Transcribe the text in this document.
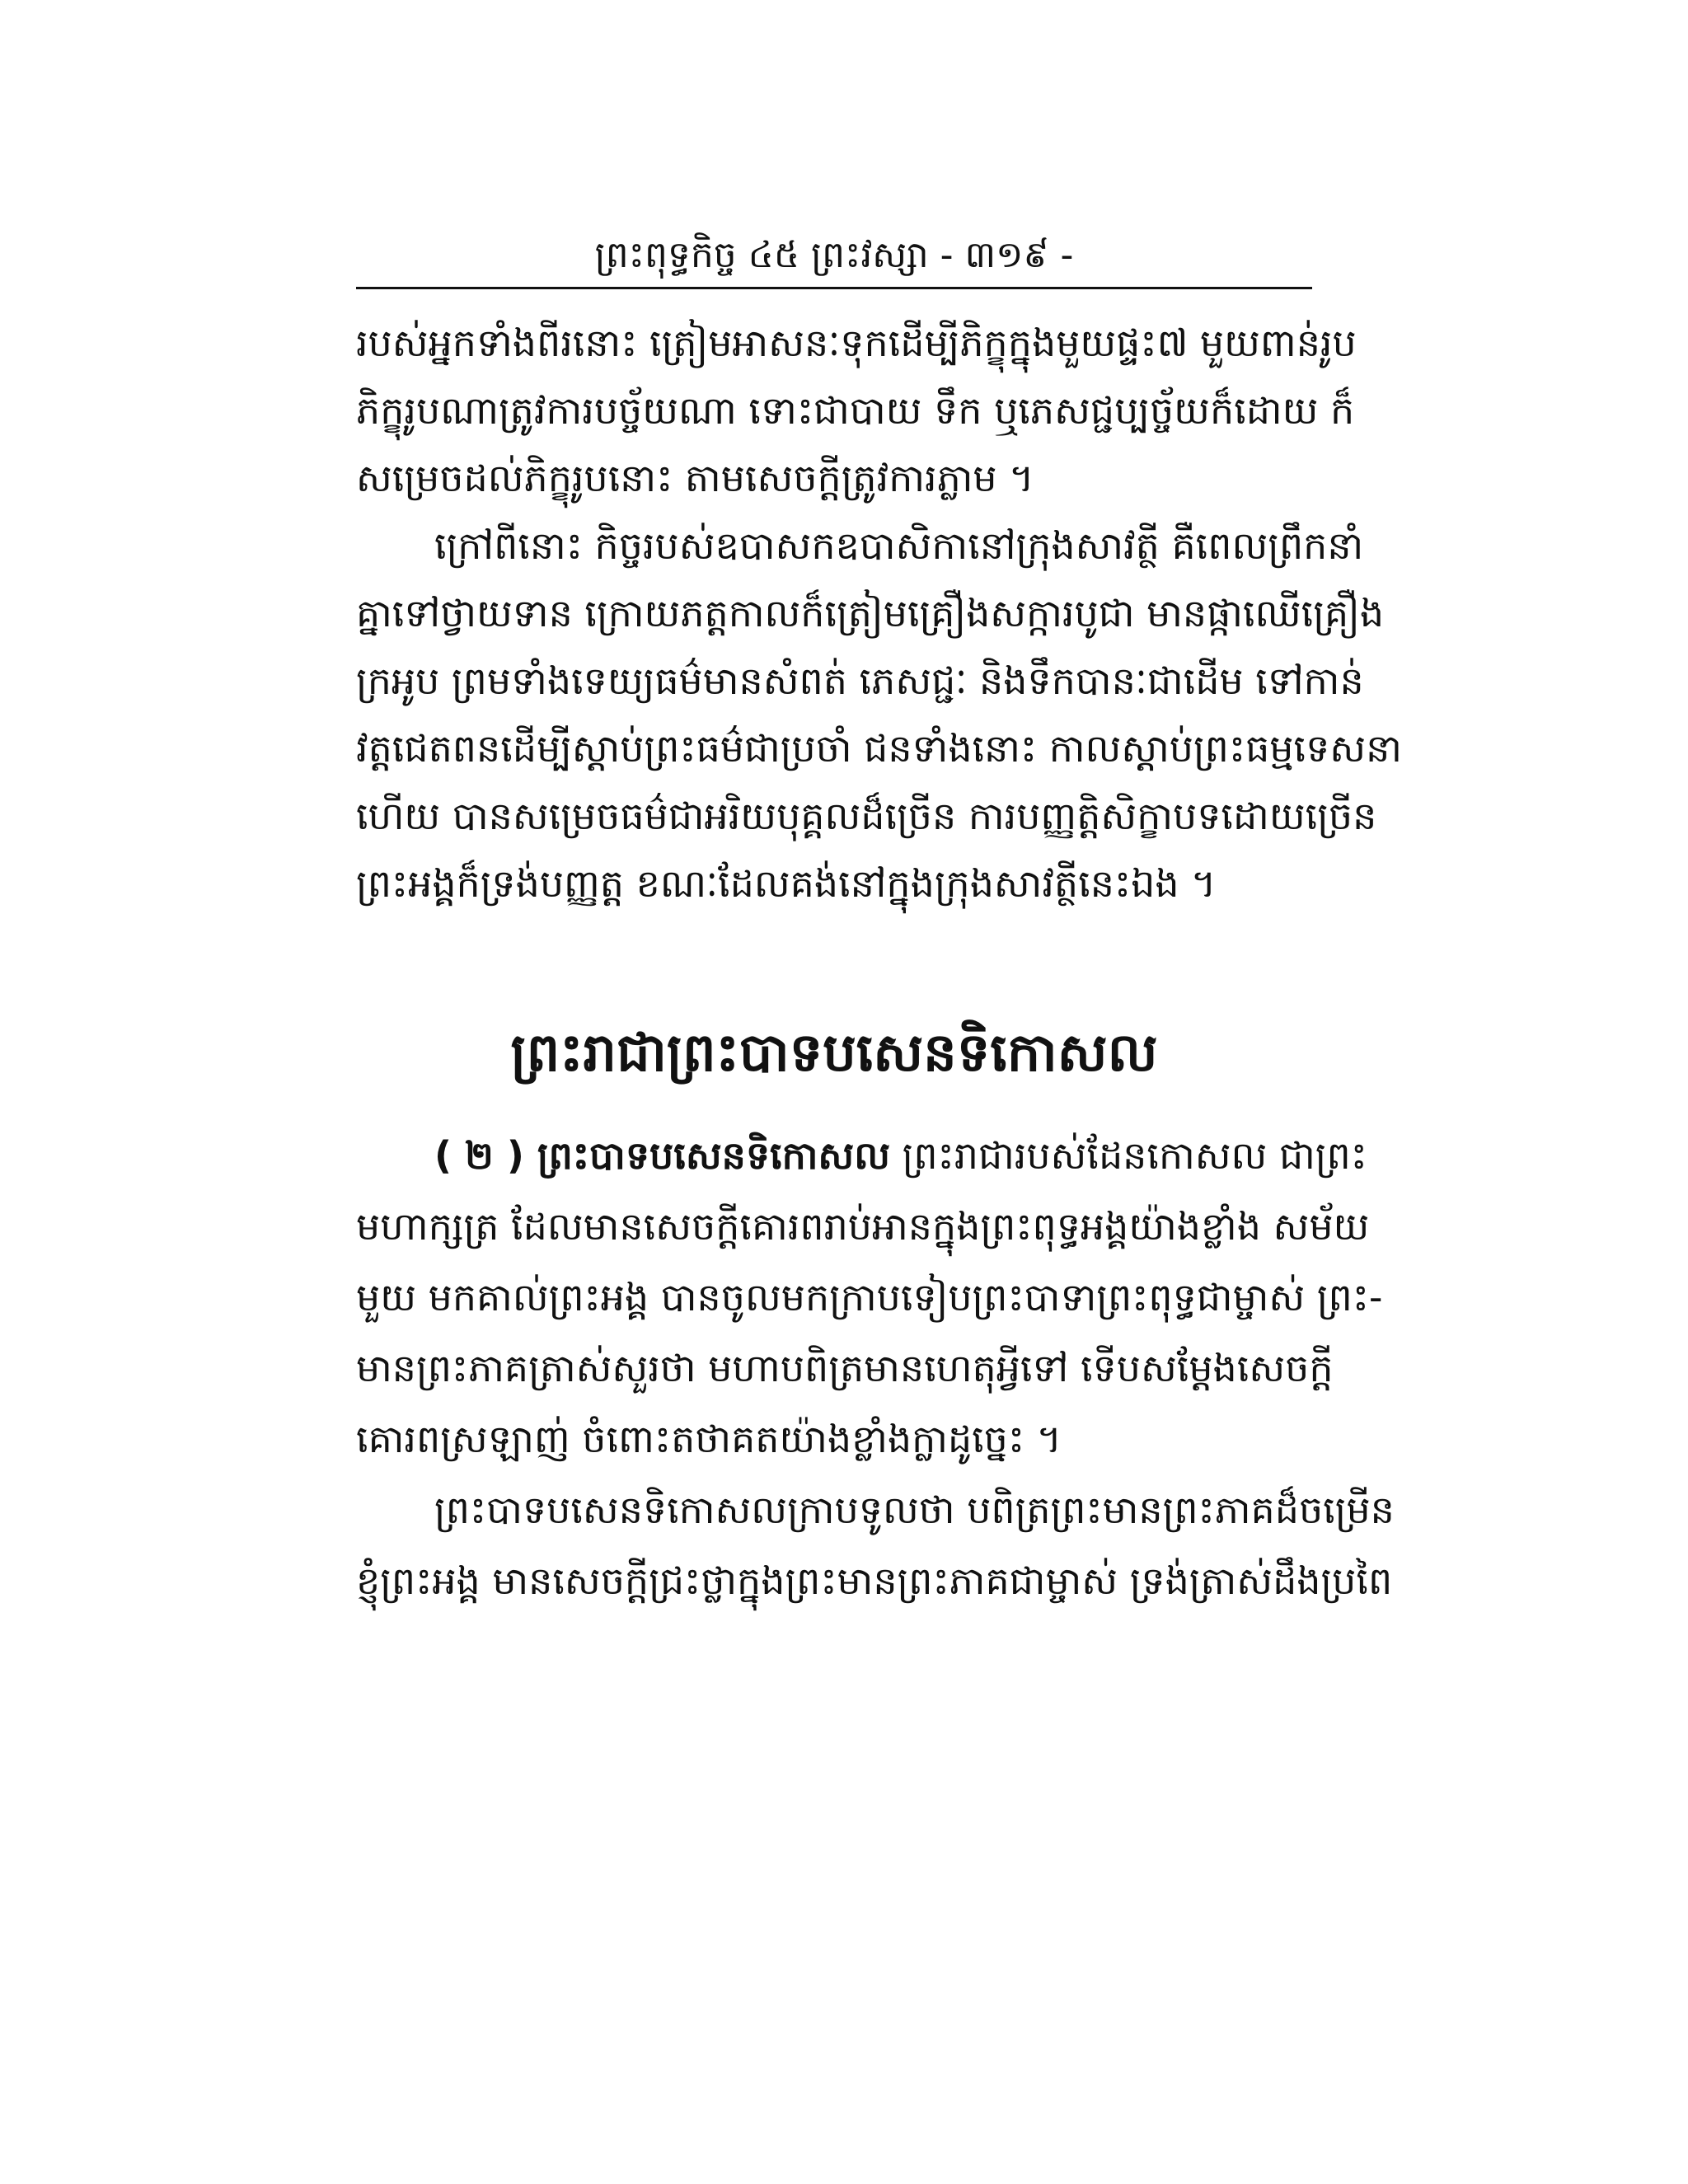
ព្រះពុទ្ធកិច្ច ៤៥ ព្រះវស្សា - ៣១៩ -
របស់អ្នកទាំងពីរនោះ ត្រៀមអាសនៈទុកដើម្បីភិក្ខុក្នុងមួយផ្ទះ៧ មួយពាន់រូប
ភិក្ខុរូបណាត្រូវការបច្ច័យណា ទោះជាបាយ ទឹក ឬភេសជ្ជប្បច្ច័យក៏ដោយ ក៏
សម្រេចដល់ភិក្ខុរូបនោះ តាមសេចក្តីត្រូវការភ្លាម ។
ក្រៅពីនោះ កិច្ចរបស់ឧបាសកឧបាសិកានៅក្រុងសាវត្ថី គឺពេលព្រឹកនាំ
គ្នាទៅថ្វាយទាន ក្រោយភត្តកាលក៏ត្រៀមគ្រឿងសក្ការបូជា មានផ្កាឈើគ្រឿង
ក្រអូប ព្រមទាំងទេយ្យធម៌មានសំពត់ ភេសជ្ជៈ និងទឹកបានៈជាដើម ទៅកាន់
វត្តជេតពនដើម្បីស្តាប់ព្រះធម៌ជាប្រចាំ ជនទាំងនោះ កាលស្តាប់ព្រះធម្មទេសនា
ហើយ បានសម្រេចធម៌ជាអរិយបុគ្គលដ៏ច្រើន ការបញ្ញត្តិសិក្ខាបទដោយច្រើន
ព្រះអង្គក៏ទ្រង់បញ្ញត្ត ខណៈដែលគង់នៅក្នុងក្រុងសាវត្ថីនេះឯង ។
ព្រះរាជាព្រះបាទបសេនទិកោសល
( ២ ) ព្រះបាទបសេនទិកោសល ព្រះរាជារបស់ដែនកោសល ជាព្រះ
មហាក្សត្រ ដែលមានសេចក្តីគោរពរាប់អានក្នុងព្រះពុទ្ធអង្គយ៉ាងខ្លាំង សម័យ
មួយ មកគាល់ព្រះអង្គ បានចូលមកក្រាបទៀបព្រះបាទាព្រះពុទ្ធជាម្ចាស់ ព្រះ-
មានព្រះភាគត្រាស់សួរថា មហាបពិត្រមានហេតុអ្វីទៅ ទើបសម្តែងសេចក្តី
គោរពស្រឡាញ់ ចំពោះតថាគតយ៉ាងខ្លាំងក្លាដូច្នេះ ។
ព្រះបាទបសេនទិកោសលក្រាបទូលថា បពិត្រព្រះមានព្រះភាគដ៏ចម្រើន
ខ្ញុំព្រះអង្គ មានសេចក្តីជ្រះថ្លាក្នុងព្រះមានព្រះភាគជាម្ចាស់ ទ្រង់ត្រាស់ដឹងប្រពៃ
